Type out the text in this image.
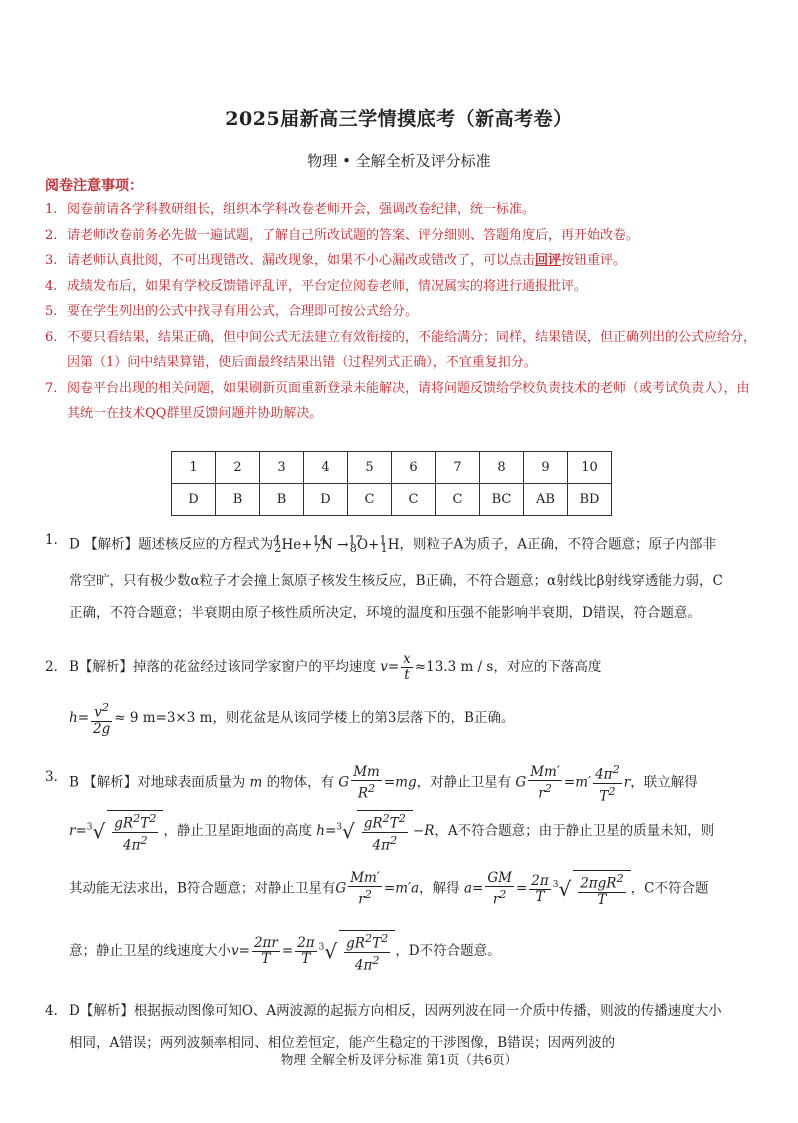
2025届新高三学情摸底考（新高考卷）
物理 • 全解全析及评分标准
阅卷注意事项：
1. 阅卷前请各学科教研组长，组织本学科改卷老师开会，强调改卷纪律，统一标准。
2. 请老师改卷前务必先做一遍试题，了解自己所改试题的答案、评分细则、答题角度后，再开始改卷。
3. 请老师认真批阅，不可出现错改、漏改现象，如果不小心漏改或错改了，可以点击回评按钮重评。
4. 成绩发布后，如果有学校反馈错评乱评，平台定位阅卷老师，情况属实的将进行通报批评。
5. 要在学生列出的公式中找寻有用公式，合理即可按公式给分。
6. 不要只看结果，结果正确，但中间公式无法建立有效衔接的，不能给满分；同样，结果错误，但正确列出的公式应给分，因第（1）问中结果算错，使后面最终结果出错（过程列式正确），不宜重复扣分。
7. 阅卷平台出现的相关问题，如果刷新页面重新登录未能解决，请将问题反馈给学校负责技术的老师（或考试负责人），由其统一在技术QQ群里反馈问题并协助解决。
1	2	3	4	5	6	7	8	9	10
D	B	B	D	C	C	C	BC	AB	BD
1． D 【解析】题述核反应的方程式为$^4_2$He+$^{14}_7$N →$^{17}_8$O+$^1_1$H，则粒子A为质子，A正确，不符合题意；原子内部非常空旷，只有极少数α粒子才会撞上氮原子核发生核反应，B正确，不符合题意；α射线比β射线穿透能力弱，C正确，不符合题意；半衰期由原子核性质所决定，环境的温度和压强不能影响半衰期，D错误，符合题意。
2． B【解析】掉落的花盆经过该同学家窗户的平均速度 $v= \frac{x}{t} \approx 13.3$ m / s，对应的下落高度
$h= \frac{v^2}{2g} \approx 9$ m=3×3 m，则花盆是从该同学楼上的第3层落下的，B正确。
3． B 【解析】对地球表面质量为 m 的物体，有 G $\frac{Mm}{R^2} =mg$，对静止卫星有 G $\frac{Mm'}{r^2} =m' \frac{4\pi^2}{T^2}$ r，联立解得
$r=^3√ \frac{gR^2T^2}{4\pi^2}$ ，静止卫星距地面的高度 $h=^3√ \frac{gR^2T^2}{4\pi^2} -R$，A不符合题意；由于静止卫星的质量未知，则
其动能无法求出，B符合题意；对静止卫星有G $\frac{Mm'}{r^2} =m'a$，解得 $a= \frac{GM}{r^2} = \frac{2\pi}{T} ^3√ \frac{2\pi gR^2}{T}$ ，C不符合题
意；静止卫星的线速度大小$v= \frac{2\pi r}{T} = \frac{2\pi}{T} ^3√ \frac{gR^2T^2}{4\pi^2}$ ，D不符合题意。
4． D【解析】根据振动图像可知O、A两波源的起振方向相反，因两列波在同一介质中传播，则波的传播速度大小相同，A错误；两列波频率相同、相位差恒定，能产生稳定的干涉图像，B错误；因两列波的
物理 全解全析及评分标准 第1页（共6页）
